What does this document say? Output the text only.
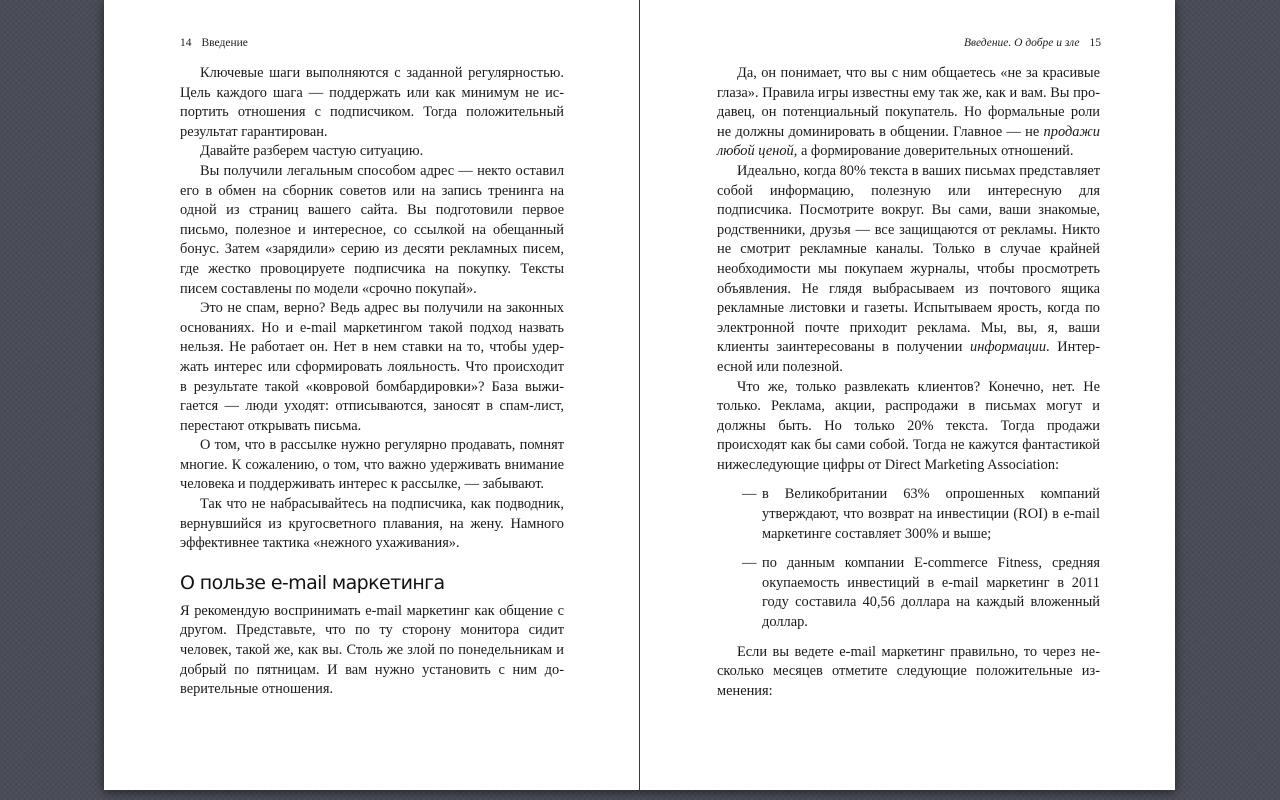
14 Введение

Ключевые шаги выполняются с заданной регулярностью. Цель каждого шага — поддержать или как минимум не испортить отношения с подписчиком. Тогда положительный результат гарантирован.

Давайте разберем частую ситуацию.

Вы получили легальным способом адрес — некто оставил его в обмен на сборник советов или на запись тренинга на одной из страниц вашего сайта. Вы подготовили первое письмо, полезное и интересное, со ссылкой на обещанный бонус. Затем «зарядили» серию из десяти рекламных писем, где жестко провоцируете подписчика на покупку. Тексты писем составлены по модели «срочно покупай».

Это не спам, верно? Ведь адрес вы получили на законных основаниях. Но и e-mail маркетингом такой подход назвать нельзя. Не работает он. Нет в нем ставки на то, чтобы удержать интерес или сформировать лояльность. Что происходит в результате такой «ковровой бомбардировки»? База выжигается — люди уходят: отписываются, заносят в спам-лист, перестают открывать письма.

О том, что в рассылке нужно регулярно продавать, помнят многие. К сожалению, о том, что важно удерживать внимание человека и поддерживать интерес к рассылке, — забывают.

Так что не набрасывайтесь на подписчика, как подводник, вернувшийся из кругосветного плавания, на жену. Намного эффективнее тактика «нежного ухаживания».

О пользе e-mail маркетинга

Я рекомендую воспринимать e-mail маркетинг как общение с другом. Представьте, что по ту сторону монитора сидит человек, такой же, как вы. Столь же злой по понедельникам и добрый по пятницам. И вам нужно установить с ним доверительные отношения.

Введение. О добре и зле 15

Да, он понимает, что вы с ним общаетесь «не за красивые глаза». Правила игры известны ему так же, как и вам. Вы продавец, он потенциальный покупатель. Но формальные роли не должны доминировать в общении. Главное — не продажи любой ценой, а формирование доверительных отношений.

Идеально, когда 80% текста в ваших письмах представляет собой информацию, полезную или интересную для подписчика. Посмотрите вокруг. Вы сами, ваши знакомые, родственники, друзья — все защищаются от рекламы. Никто не смотрит рекламные каналы. Только в случае крайней необходимости мы покупаем журналы, чтобы просмотреть объявления. Не глядя выбрасываем из почтового ящика рекламные листовки и газеты. Испытываем ярость, когда по электронной почте приходит реклама. Мы, вы, я, ваши клиенты заинтересованы в получении информации. Интересной или полезной.

Что же, только развлекать клиентов? Конечно, нет. Не только. Реклама, акции, распродажи в письмах могут и должны быть. Но только 20% текста. Тогда продажи происходят как бы сами собой. Тогда не кажутся фантастикой нижеследующие цифры от Direct Marketing Association:

— в Великобритании 63% опрошенных компаний утверждают, что возврат на инвестиции (ROI) в e-mail маркетинге составляет 300% и выше;
— по данным компании E-commerce Fitness, средняя окупаемость инвестиций в e-mail маркетинг в 2011 году составила 40,56 доллара на каждый вложенный доллар.

Если вы ведете e-mail маркетинг правильно, то через несколько месяцев отметите следующие положительные изменения:
